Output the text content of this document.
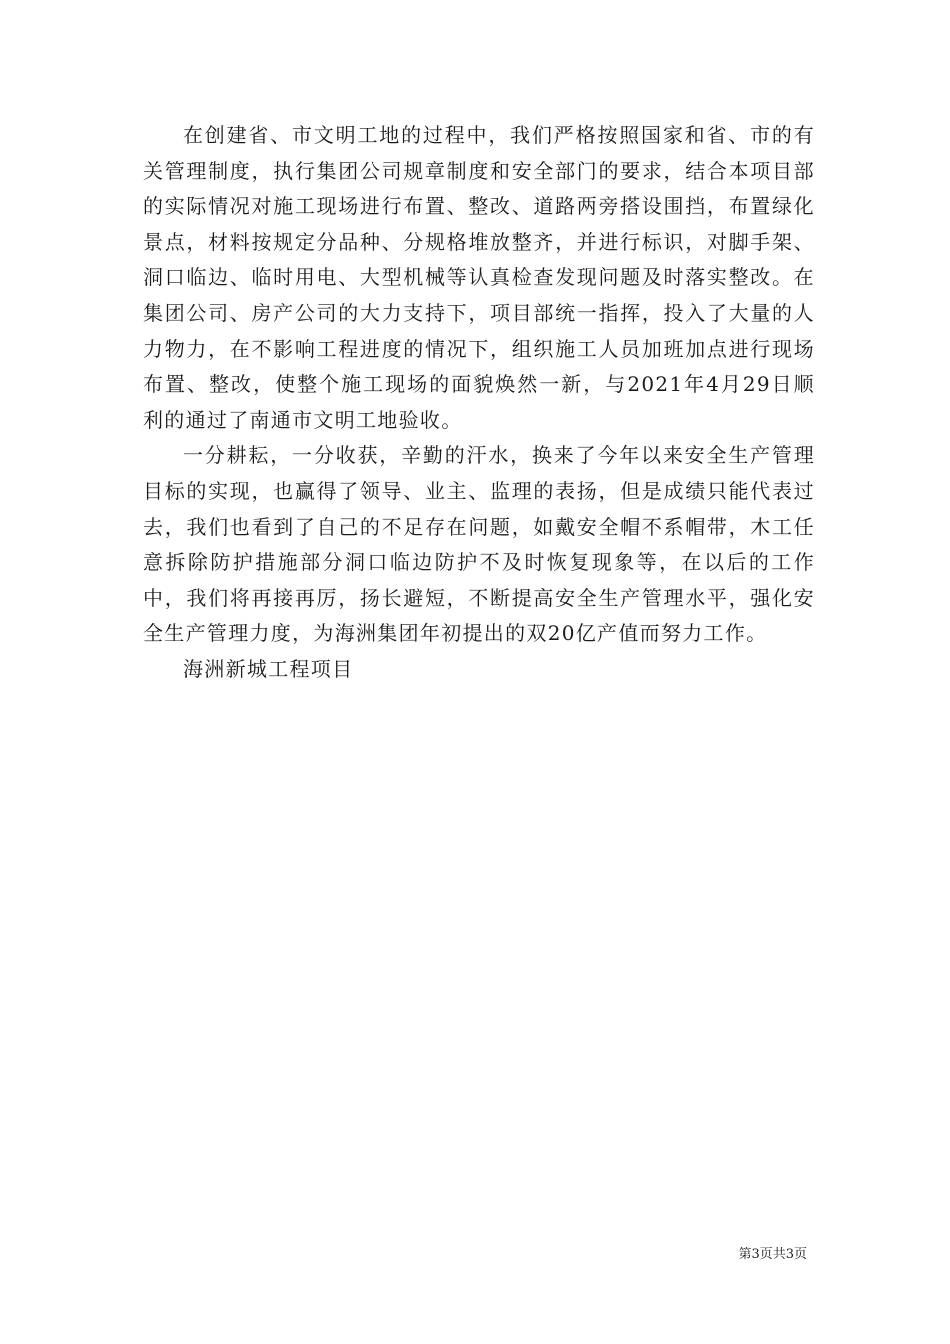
在创建省、市文明工地的过程中，我们严格按照国家和省、市的有关管理制度，执行集团公司规章制度和安全部门的要求，结合本项目部的实际情况对施工现场进行布置、整改、道路两旁搭设围挡，布置绿化景点，材料按规定分品种、分规格堆放整齐，并进行标识，对脚手架、洞口临边、临时用电、大型机械等认真检查发现问题及时落实整改。在集团公司、房产公司的大力支持下，项目部统一指挥，投入了大量的人力物力，在不影响工程进度的情况下，组织施工人员加班加点进行现场布置、整改，使整个施工现场的面貌焕然一新，与2021年4月29日顺利的通过了南通市文明工地验收。

一分耕耘，一分收获，辛勤的汗水，换来了今年以来安全生产管理目标的实现，也赢得了领导、业主、监理的表扬，但是成绩只能代表过去，我们也看到了自己的不足存在问题，如戴安全帽不系帽带，木工任意拆除防护措施部分洞口临边防护不及时恢复现象等，在以后的工作中，我们将再接再厉，扬长避短，不断提高安全生产管理水平，强化安全生产管理力度，为海洲集团年初提出的双20亿产值而努力工作。

海洲新城工程项目

第3页共3页
